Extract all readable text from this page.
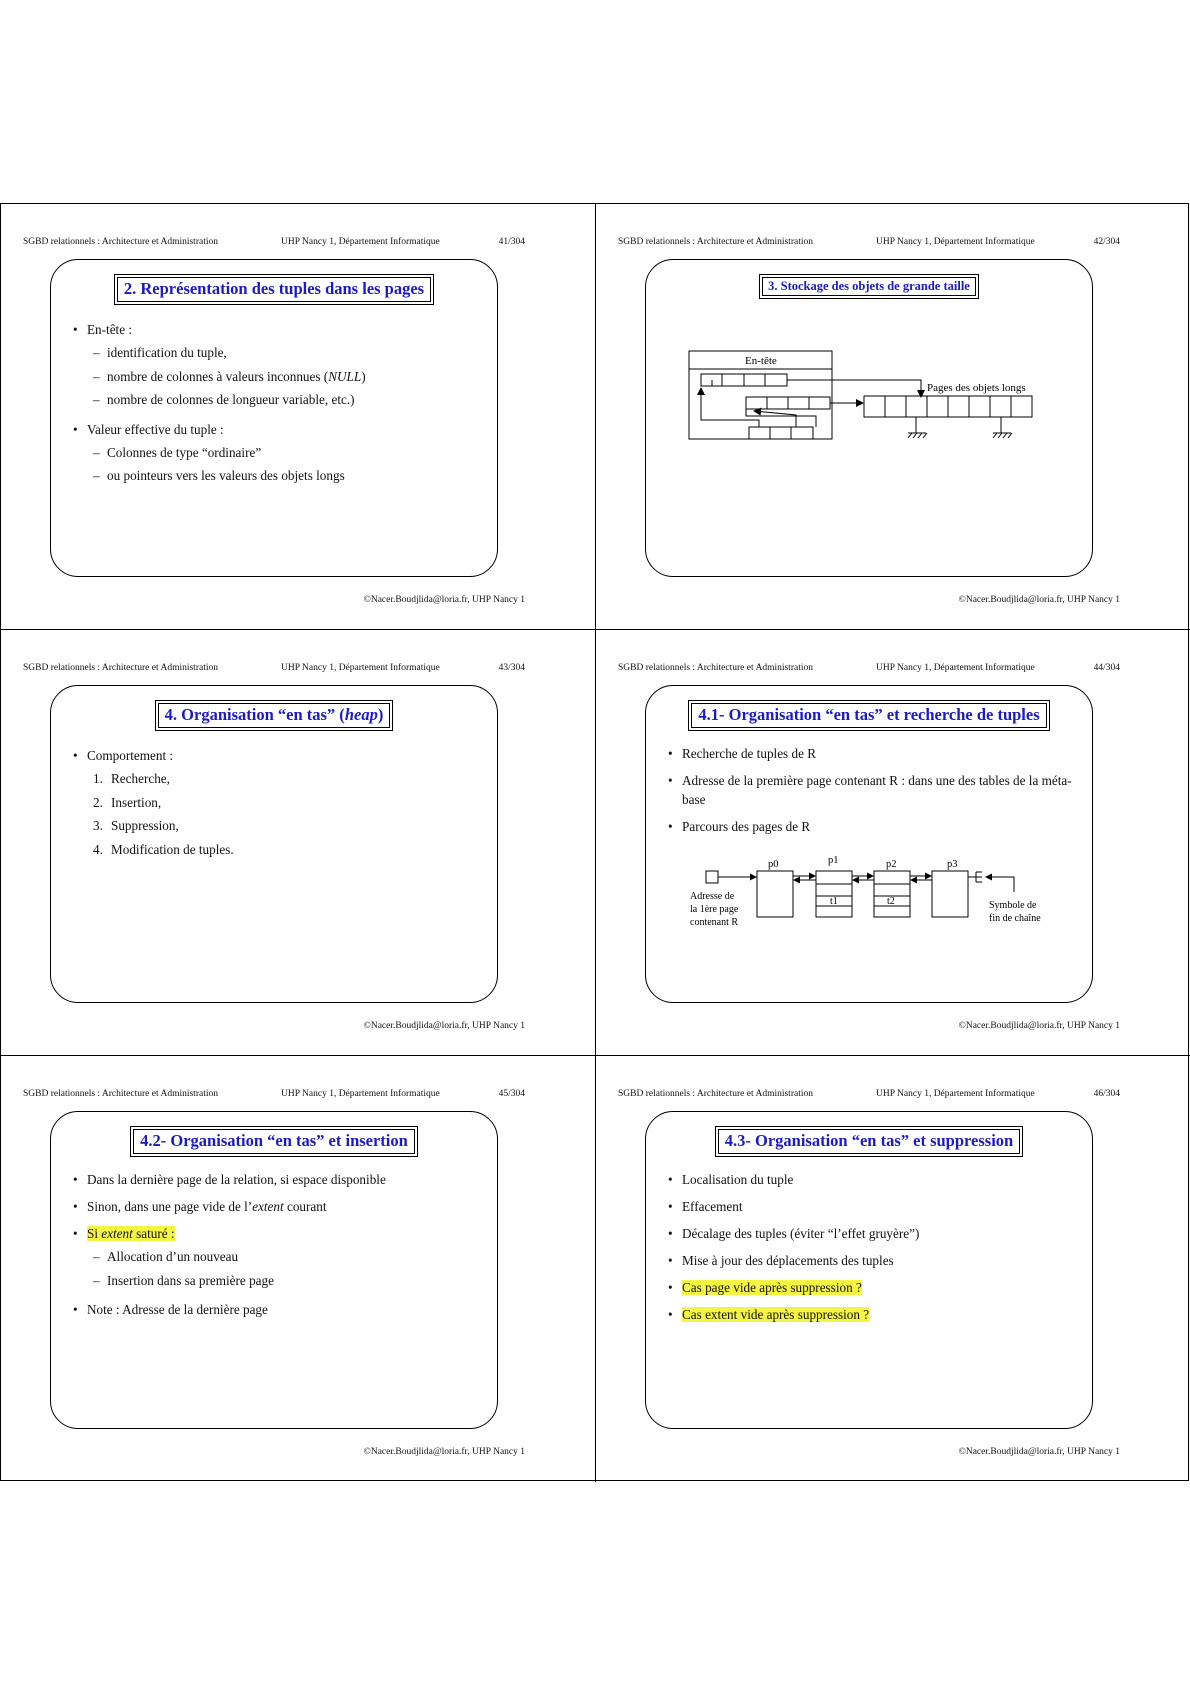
SGBD relationnels : Architecture et Administration	UHP Nancy 1, Département Informatique	41/304
2. Représentation des tuples dans les pages
• En-tête :
– identification du tuple,
– nombre de colonnes à valeurs inconnues (NULL)
– nombre de colonnes de longueur variable, etc.)
• Valeur effective du tuple :
– Colonnes de type “ordinaire”
– ou pointeurs vers les valeurs des objets longs
©Nacer.Boudjlida@loria.fr, UHP Nancy 1
SGBD relationnels : Architecture et Administration	UHP Nancy 1, Département Informatique	42/304
3. Stockage des objets de grande taille
En-tête
Pages des objets longs
©Nacer.Boudjlida@loria.fr, UHP Nancy 1
SGBD relationnels : Architecture et Administration	UHP Nancy 1, Département Informatique	43/304
4. Organisation “en tas” (heap)
• Comportement :
1. Recherche,
2. Insertion,
3. Suppression,
4. Modification de tuples.
©Nacer.Boudjlida@loria.fr, UHP Nancy 1
SGBD relationnels : Architecture et Administration	UHP Nancy 1, Département Informatique	44/304
4.1- Organisation “en tas” et recherche de tuples
• Recherche de tuples de R
• Adresse de la première page contenant R : dans une des tables de la méta-base
• Parcours des pages de R
Adresse de
la 1ère page
contenant R
p0
t1
p1
t2
p2	p3
Symbole de
fin de chaîne
©Nacer.Boudjlida@loria.fr, UHP Nancy 1
SGBD relationnels : Architecture et Administration	UHP Nancy 1, Département Informatique	45/304
4.2- Organisation “en tas” et insertion
• Dans la dernière page de la relation, si espace disponible
• Sinon, dans une page vide de l’extent courant
• Si extent saturé :
– Allocation d’un nouveau
– Insertion dans sa première page
• Note : Adresse de la dernière page
©Nacer.Boudjlida@loria.fr, UHP Nancy 1
SGBD relationnels : Architecture et Administration	UHP Nancy 1, Département Informatique	46/304
4.3- Organisation “en tas” et suppression
• Localisation du tuple
• Effacement
• Décalage des tuples (éviter “l’effet gruyère”)
• Mise à jour des déplacements des tuples
• Cas page vide après suppression ?
• Cas extent vide après suppression ?
©Nacer.Boudjlida@loria.fr, UHP Nancy 1
